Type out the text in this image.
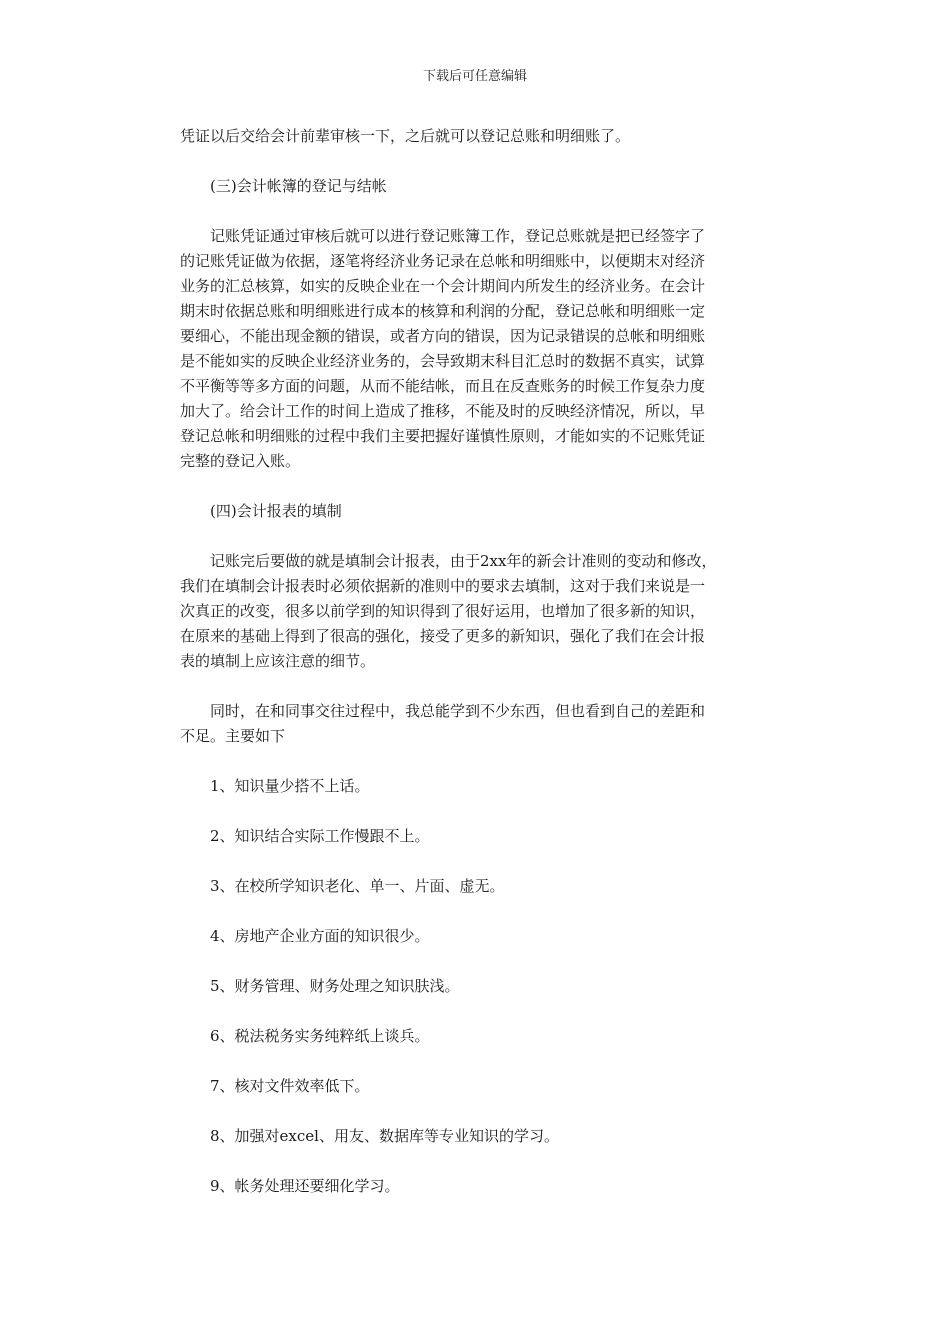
下载后可任意编辑

凭证以后交给会计前辈审核一下，之后就可以登记总账和明细账了。

(三)会计帐簿的登记与结帐

记账凭证通过审核后就可以进行登记账簿工作，登记总账就是把已经签字了
的记账凭证做为依据，逐笔将经济业务记录在总帐和明细账中，以便期末对经济
业务的汇总核算，如实的反映企业在一个会计期间内所发生的经济业务。在会计
期末时依据总账和明细账进行成本的核算和利润的分配，登记总帐和明细账一定
要细心，不能出现金额的错误，或者方向的错误，因为记录错误的总帐和明细账
是不能如实的反映企业经济业务的，会导致期末科目汇总时的数据不真实，试算
不平衡等等多方面的问题，从而不能结帐，而且在反查账务的时候工作复杂力度
加大了。给会计工作的时间上造成了推移，不能及时的反映经济情况，所以，早
登记总帐和明细账的过程中我们主要把握好谨慎性原则，才能如实的不记账凭证
完整的登记入账。

(四)会计报表的填制

记账完后要做的就是填制会计报表，由于2xx年的新会计准则的变动和修改，
我们在填制会计报表时必须依据新的准则中的要求去填制，这对于我们来说是一
次真正的改变，很多以前学到的知识得到了很好运用，也增加了很多新的知识，
在原来的基础上得到了很高的强化，接受了更多的新知识，强化了我们在会计报
表的填制上应该注意的细节。

同时，在和同事交往过程中，我总能学到不少东西，但也看到自己的差距和
不足。主要如下

1、知识量少搭不上话。

2、知识结合实际工作慢跟不上。

3、在校所学知识老化、单一、片面、虚无。

4、房地产企业方面的知识很少。

5、财务管理、财务处理之知识肤浅。

6、税法税务实务纯粹纸上谈兵。

7、核对文件效率低下。

8、加强对excel、用友、数据库等专业知识的学习。

9、帐务处理还要细化学习。
